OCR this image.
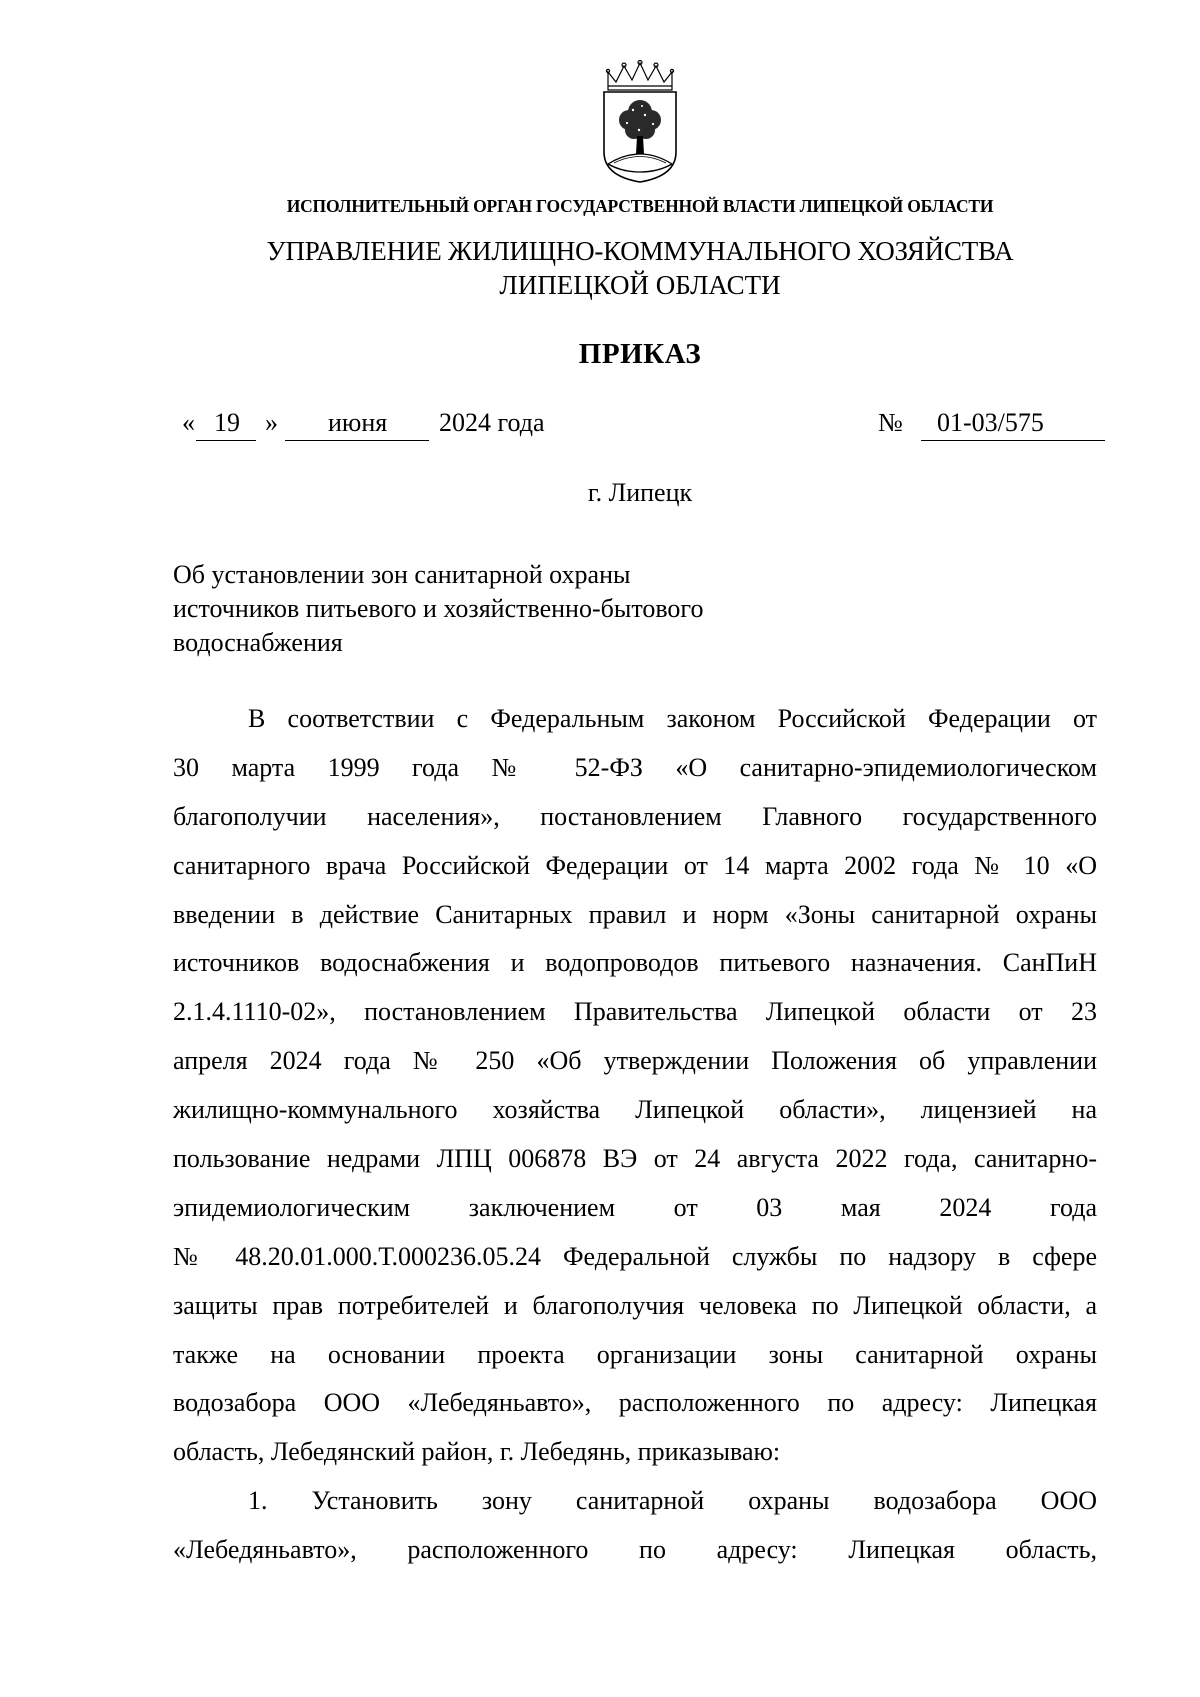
ИСПОЛНИТЕЛЬНЫЙ ОРГАН ГОСУДАРСТВЕННОЙ ВЛАСТИ ЛИПЕЦКОЙ ОБЛАСТИ
УПРАВЛЕНИЕ ЖИЛИЩНО-КОММУНАЛЬНОГО ХОЗЯЙСТВА
ЛИПЕЦКОЙ ОБЛАСТИ
ПРИКАЗ
« 19 » июня 2024 года	№ 01-03/575
г. Липецк
Об установлении зон санитарной охраны
источников питьевого и хозяйственно-бытового
водоснабжения
В соответствии с Федеральным законом Российской Федерации от
30 марта 1999 года № 52-ФЗ «О санитарно-эпидемиологическом
благополучии населения», постановлением Главного государственного
санитарного врача Российской Федерации от 14 марта 2002 года № 10 «О
введении в действие Санитарных правил и норм «Зоны санитарной охраны
источников водоснабжения и водопроводов питьевого назначения. СанПиН
2.1.4.1110-02», постановлением Правительства Липецкой области от 23
апреля 2024 года № 250 «Об утверждении Положения об управлении
жилищно-коммунального хозяйства Липецкой области», лицензией на
пользование недрами ЛПЦ 006878 ВЭ от 24 августа 2022 года, санитарно-
эпидемиологическим заключением от 03 мая 2024 года
№ 48.20.01.000.Т.000236.05.24 Федеральной службы по надзору в сфере
защиты прав потребителей и благополучия человека по Липецкой области, а
также на основании проекта организации зоны санитарной охраны
водозабора ООО «Лебедяньавто», расположенного по адресу: Липецкая
область, Лебедянский район, г. Лебедянь, приказываю:
1. Установить зону санитарной охраны водозабора ООО
«Лебедяньавто», расположенного по адресу: Липецкая область,
